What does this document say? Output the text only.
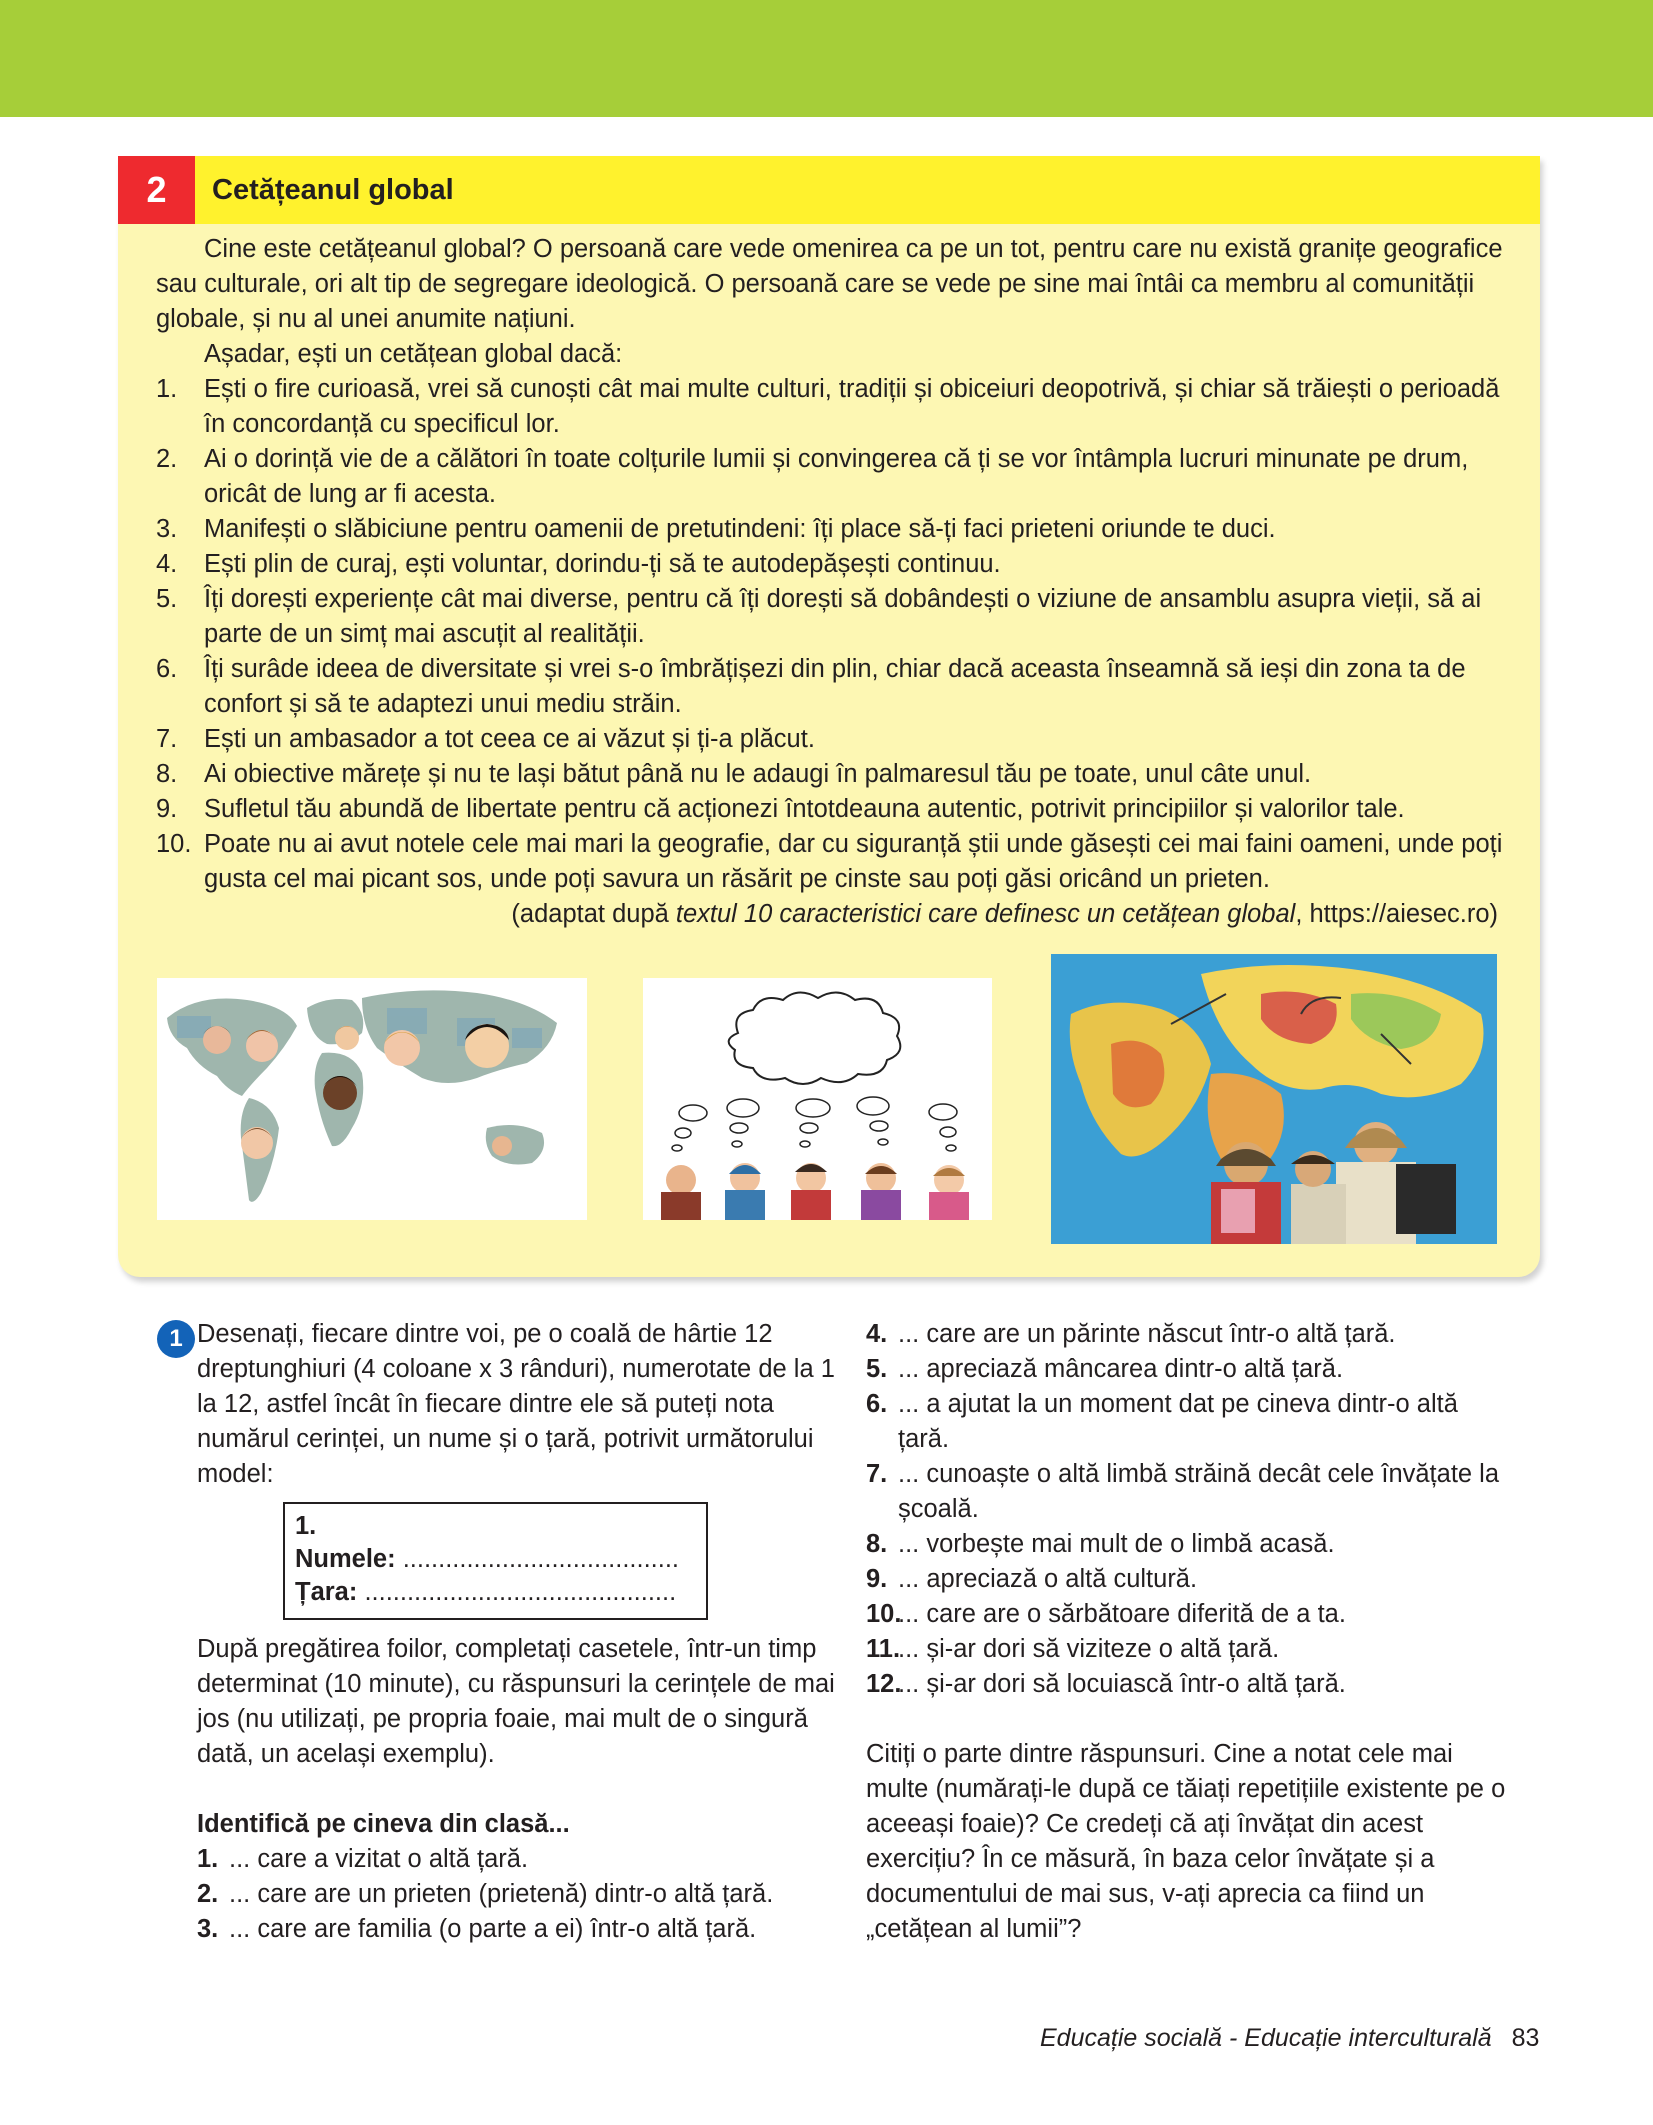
2	Cetățeanul global

Cine este cetățeanul global? O persoană care vede omenirea ca pe un tot, pentru care nu există granițe geografice sau culturale, ori alt tip de segregare ideologică. O persoană care se vede pe sine mai întâi ca membru al comunității globale, și nu al unei anumite națiuni.

Așadar, ești un cetățean global dacă:

1. Ești o fire curioasă, vrei să cunoști cât mai multe culturi, tradiții și obiceiuri deopotrivă, și chiar să trăiești o perioadă în concordanță cu specificul lor.
2. Ai o dorință vie de a călători în toate colțurile lumii și convingerea că ți se vor întâmpla lucruri minunate pe drum, oricât de lung ar fi acesta.
3. Manifești o slăbiciune pentru oamenii de pretutindeni: îți place să-ți faci prieteni oriunde te duci.
4. Ești plin de curaj, ești voluntar, dorindu-ți să te autodepășești continuu.
5. Îți dorești experiențe cât mai diverse, pentru că îți dorești să dobândești o viziune de ansamblu asupra vieții, să ai parte de un simț mai ascuțit al realității.
6. Îți surâde ideea de diversitate și vrei s-o îmbrățișezi din plin, chiar dacă aceasta înseamnă să ieși din zona ta de confort și să te adaptezi unui mediu străin.
7. Ești un ambasador a tot ceea ce ai văzut și ți-a plăcut.
8. Ai obiective mărețe și nu te lași bătut până nu le adaugi în palmaresul tău pe toate, unul câte unul.
9. Sufletul tău abundă de libertate pentru că acționezi întotdeauna autentic, potrivit principiilor și valorilor tale.
10. Poate nu ai avut notele cele mai mari la geografie, dar cu siguranță știi unde găsești cei mai faini oameni, unde poți gusta cel mai picant sos, unde poți savura un răsărit pe cinste sau poți găsi oricând un prieten.

(adaptat după textul 10 caracteristici care definesc un cetățean global, https://aiesec.ro)

1 Desenați, fiecare dintre voi, pe o coală de hârtie 12 dreptunghiuri (4 coloane x 3 rânduri), numerotate de la 1 la 12, astfel încât în fiecare dintre ele să puteți nota numărul cerinței, un nume și o țară, potrivit următorului model:

1.
Numele: .......................................
Țara: ............................................

După pregătirea foilor, completați casetele, într-un timp determinat (10 minute), cu răspunsuri la cerințele de mai jos (nu utilizați, pe propria foaie, mai mult de o singură dată, un același exemplu).

Identifică pe cineva din clasă...

1. ... care a vizitat o altă țară.
2. ... care are un prieten (prietenă) dintr-o altă țară.
3. ... care are familia (o parte a ei) într-o altă țară.
4. ... care are un părinte născut într-o altă țară.
5. ... apreciază mâncarea dintr-o altă țară.
6. ... a ajutat la un moment dat pe cineva dintr-o altă țară.
7. ... cunoaște o altă limbă străină decât cele învățate la școală.
8. ... vorbește mai mult de o limbă acasă.
9. ... apreciază o altă cultură.
10.
... care are o sărbătoare diferită de a ta.
11.
... și-ar dori să viziteze o altă țară.
12.
... și-ar dori să locuiască într-o altă țară.

Citiți o parte dintre răspunsuri. Cine a notat cele mai multe (numărați-le după ce tăiați repetițiile existente pe o aceeași foaie)? Ce credeți că ați învățat din acest exercițiu? În ce măsură, în baza celor învățate și a documentului de mai sus, v-ați aprecia ca fiind un „cetățean al lumii”?

Educație socială - Educație interculturală 83
